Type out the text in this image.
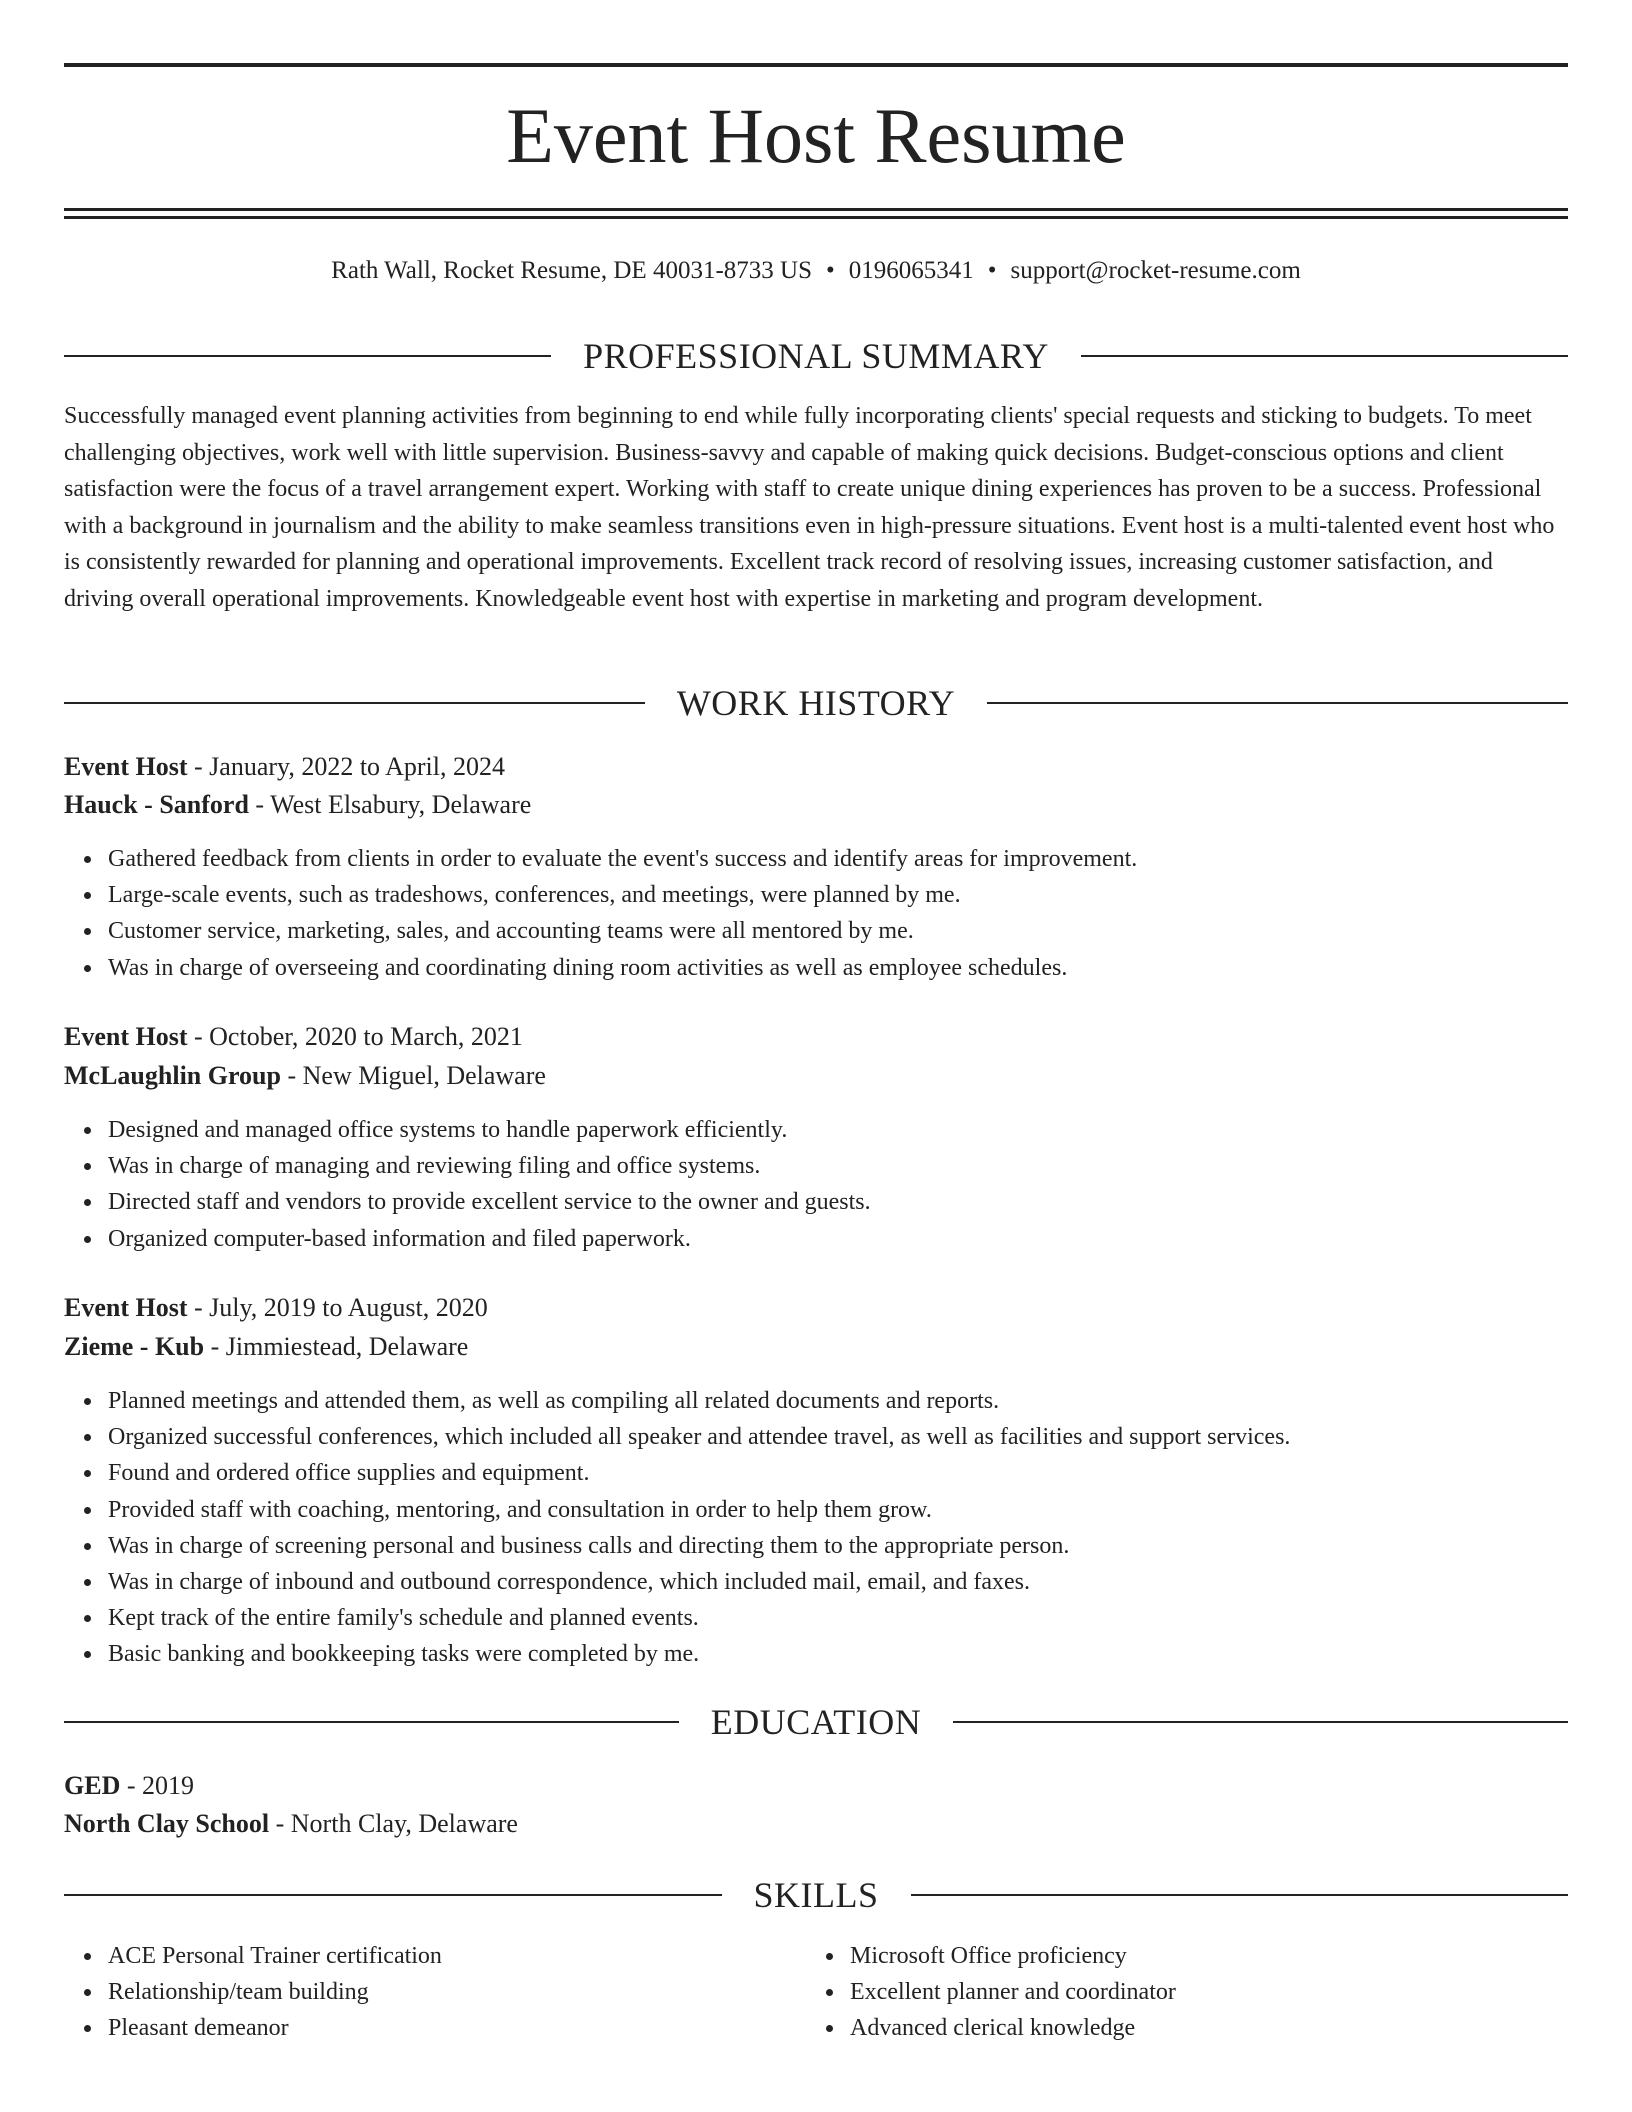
Event Host Resume
Rath Wall, Rocket Resume, DE 40031-8733 US • 0196065341 • support@rocket-resume.com
PROFESSIONAL SUMMARY

Successfully managed event planning activities from beginning to end while fully incorporating clients' special requests and sticking to budgets. To meet challenging objectives, work well with little supervision. Business-savvy and capable of making quick decisions. Budget-conscious options and client satisfaction were the focus of a travel arrangement expert. Working with staff to create unique dining experiences has proven to be a success. Professional with a background in journalism and the ability to make seamless transitions even in high-pressure situations. Event host is a multi-talented event host who is consistently rewarded for planning and operational improvements. Excellent track record of resolving issues, increasing customer satisfaction, and driving overall operational improvements. Knowledgeable event host with expertise in marketing and program development.

WORK HISTORY
Event Host - January, 2022 to April, 2024
Hauck - Sanford - West Elsabury, Delaware
Gathered feedback from clients in order to evaluate the event's success and identify areas for improvement.
Large-scale events, such as tradeshows, conferences, and meetings, were planned by me.
Customer service, marketing, sales, and accounting teams were all mentored by me.
Was in charge of overseeing and coordinating dining room activities as well as employee schedules.
Event Host - October, 2020 to March, 2021
McLaughlin Group - New Miguel, Delaware
Designed and managed office systems to handle paperwork efficiently.
Was in charge of managing and reviewing filing and office systems.
Directed staff and vendors to provide excellent service to the owner and guests.
Organized computer-based information and filed paperwork.
Event Host - July, 2019 to August, 2020
Zieme - Kub - Jimmiestead, Delaware
Planned meetings and attended them, as well as compiling all related documents and reports.
Organized successful conferences, which included all speaker and attendee travel, as well as facilities and support services.
Found and ordered office supplies and equipment.
Provided staff with coaching, mentoring, and consultation in order to help them grow.
Was in charge of screening personal and business calls and directing them to the appropriate person.
Was in charge of inbound and outbound correspondence, which included mail, email, and faxes.
Kept track of the entire family's schedule and planned events.
Basic banking and bookkeeping tasks were completed by me.
EDUCATION
GED - 2019
North Clay School - North Clay, Delaware
SKILLS
ACE Personal Trainer certification
Relationship/team building
Pleasant demeanor
Microsoft Office proficiency
Excellent planner and coordinator
Advanced clerical knowledge
